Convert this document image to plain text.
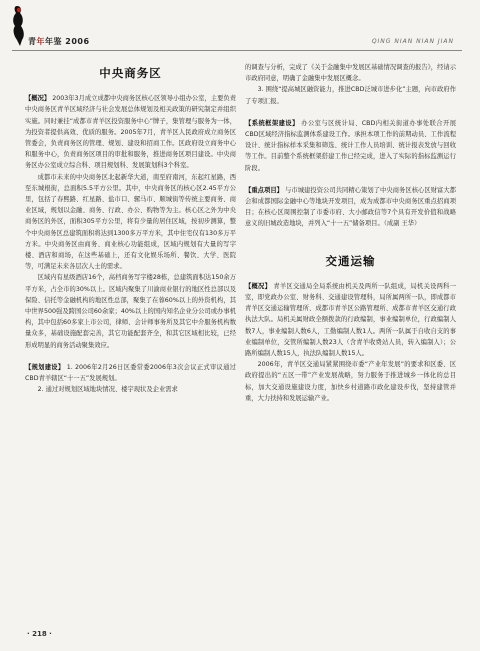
青年年鉴 2006	QING NIAN NIAN JIAN
中央商务区

【概况】 2003年3月成立成都中央商务区核心区领导小组办公室，主要负责中央商务区青羊区域经济与社会发展总体规划及相关政策的研究制定并组织实施。同时兼挂“成都市青羊区投资服务中心”牌子，集管理与服务为一体，为投资者提供高效、优质的服务。2005年7月，青羊区人民政府成立商务区管委会，负责商务区的管理、规划、建设和招商工作。区政府设立商务中心和服务中心，负责商务区项目的审批和服务，推进商务区项目建设。中央商务区办公室成立综合科、项目规划科、发展策划科3个科室。

成都市未来的中央商务区北起新华大道，南至府南河，东起红星路，西至东城根街，总面积5.5平方公里。其中，中央商务区的核心区2.45平方公里，包括了春熙路、红星路、盐市口、骡马市、顺城街等传统主要商务、商业区域，规划以金融、商务、行政、办公、购物等为主。核心区之外为中央商务区的外区，面积305平方公里，将有少量的居住区域，按初步测算，整个中央商务区总建筑面积将达到1300多万平方米，其中住宅仅有130多万平方米。中央商务区由商务、商业核心功能组成，区域内规划有大量的写字楼、酒店和商场，在这些基础上，还有文化娱乐场所、餐饮、大学、医院等，可满足未来各层次人士的需求。

区域内有星级酒店16个，高档商务写字楼28栋，总建筑面积达150余万平方米，占全市的30%以上。区域内聚集了川渝商业银行的地区性总部以及保险、信托等金融机构的地区性总部，聚集了在蓉60%以上的外资机构，其中世界500强及跨国公司60余家；40%以上的国内知名企业分公司或办事机构，其中包括60多家上市公司，律师、会计师事务所及其它中介服务机构数量众多，基础设施配套完善，其它功能配套齐全，和其它区域相比较，已经形成明显的商务活动聚集效应。

【规划建设】 1. 2006年2月26日区委常委2006年3次会议正式审议通过CBD青羊辖区“十一五”发展规划。

2. 通过对规划区域地块情况、楼宇现状及企业需求

的调查与分析，完成了《关于金融集中发展区基础情况调查的报告》，经请示市政府同意，明确了金融集中发展区概念。

3. 围绕“提高城区融资能力，推进CBD泛城市进步化”主题，向市政府作了专项汇报。

【系统框架建设】 办公室与区统计局、CBD内相关街道办事处联合开展CBD区域经济指标监测体系建设工作。承担本项工作的前期动员、工作流程设计、统计指标样本采集和筛选、统计工作人员培训、统计报表发放与回收等工作。目前整个系统框架搭建工作已经完成，进入了实际的指标监测运行阶段。

【重点项目】 与市城建投资公司共同精心策划了中央商务区核心区财富大都会和成都国际金融中心等地块开发项目，成为成都市中央商务区重点招商项目；在核心区周围控制了市委市府、大小邮政信等7个具有开发价值和战略意义的旧城改造地块，并列入“十一五”储备项目。（成副 王华）

交通运输

【概况】 青羊区交通局全局系统由机关及两所一队组成，局机关设两科一室，即党政办公室、财务科、交通建设管理科，局所属两所一队，即成都市青羊区交通运输管理所、成都市青羊区公路管理所、成都市青羊区交通行政执法大队。局机关属财政全额拨款的行政编制，事业编制单位，行政编制人数7人，事业编制人数6人，工勤编制人数1人。两所一队属于自收自支的事业编制单位，交管所编制人数23人（含青羊收费站人员，转入编制人）；公路所编制人数15人，执法队编制人数15人。

2006年，青羊区交通局紧紧围绕市委“产业年发展”的要求和区委、区政府提出的“五区一带”产业发展战略，努力服务于推进城乡一体化的总目标，加大交通设施建设力度，加快乡村道路市政化建设步伐，坚持建管并重，大力扶持和发展运输产业。

· 218 ·
